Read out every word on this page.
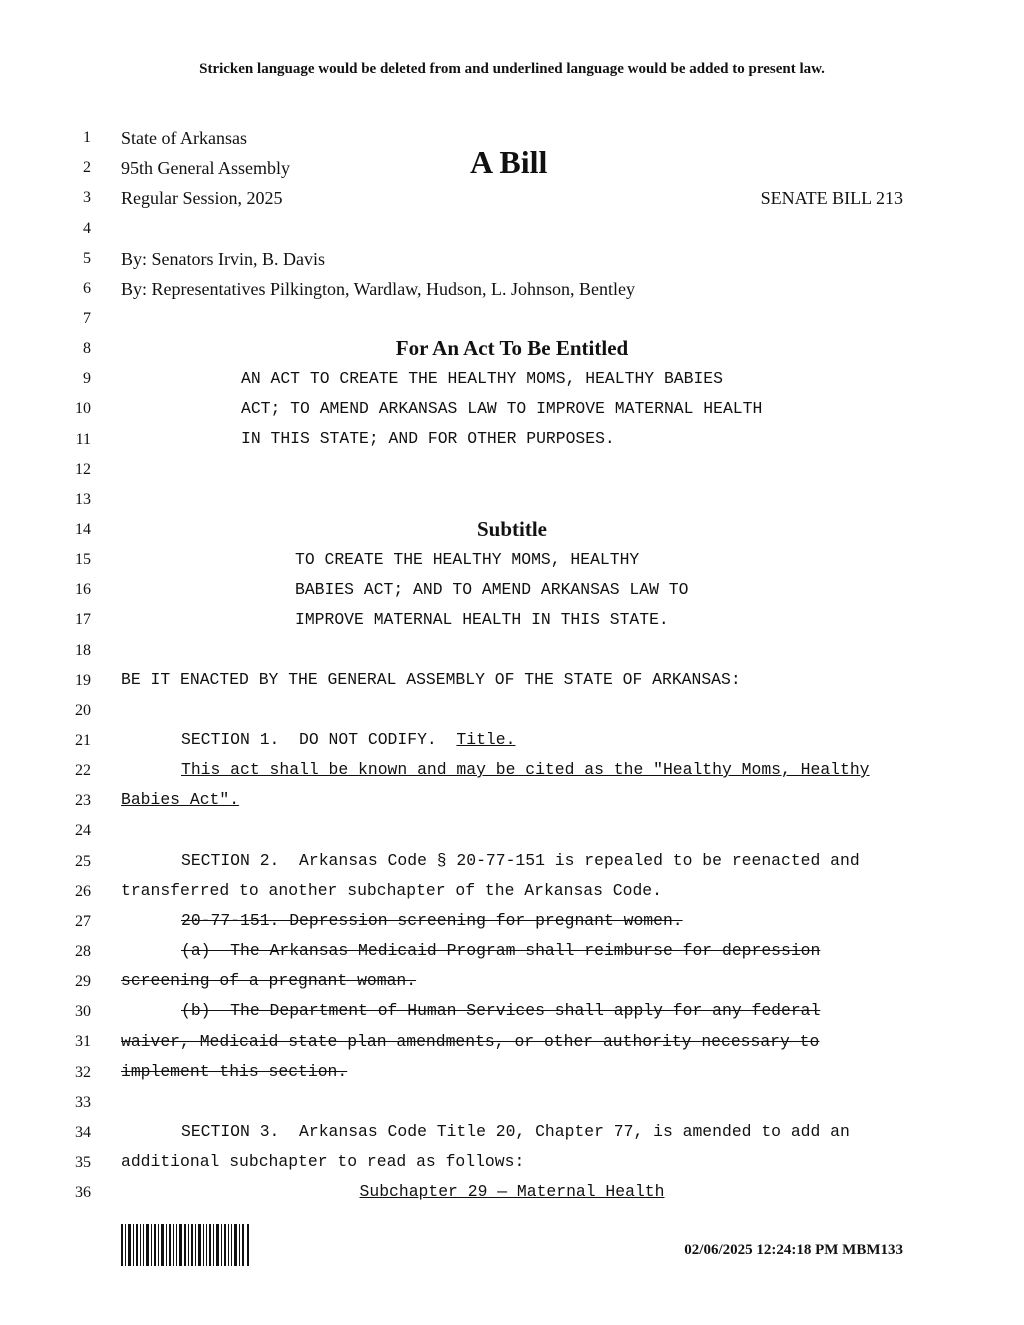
Stricken language would be deleted from and underlined language would be added to present law.
1
2
3
4
5
6
7
8
9
10
11
12
13
14
15
16
17
18
19
20
21
22
23
24
25
26
27
28
29
30
31
32
33
34
35
36
State of Arkansas
95th General Assembly
Regular Session, 2025
A Bill
SENATE BILL 213
By: Senators Irvin, B. Davis
By: Representatives Pilkington, Wardlaw, Hudson, L. Johnson, Bentley
For An Act To Be Entitled
AN ACT TO CREATE THE HEALTHY MOMS, HEALTHY BABIES
ACT; TO AMEND ARKANSAS LAW TO IMPROVE MATERNAL HEALTH
IN THIS STATE; AND FOR OTHER PURPOSES.
Subtitle
TO CREATE THE HEALTHY MOMS, HEALTHY
BABIES ACT; AND TO AMEND ARKANSAS LAW TO
IMPROVE MATERNAL HEALTH IN THIS STATE.
BE IT ENACTED BY THE GENERAL ASSEMBLY OF THE STATE OF ARKANSAS:
SECTION 1.  DO NOT CODIFY.  Title.
This act shall be known and may be cited as the "Healthy Moms, Healthy
Babies Act".
SECTION 2.  Arkansas Code § 20-77-151 is repealed to be reenacted and
transferred to another subchapter of the Arkansas Code.
20-77-151. Depression screening for pregnant women.
(a)  The Arkansas Medicaid Program shall reimburse for depression
screening of a pregnant woman.
(b)  The Department of Human Services shall apply for any federal
waiver, Medicaid state plan amendments, or other authority necessary to
implement this section.
SECTION 3.  Arkansas Code Title 20, Chapter 77, is amended to add an
additional subchapter to read as follows:
Subchapter 29 — Maternal Health
02/06/2025 12:24:18 PM MBM133
